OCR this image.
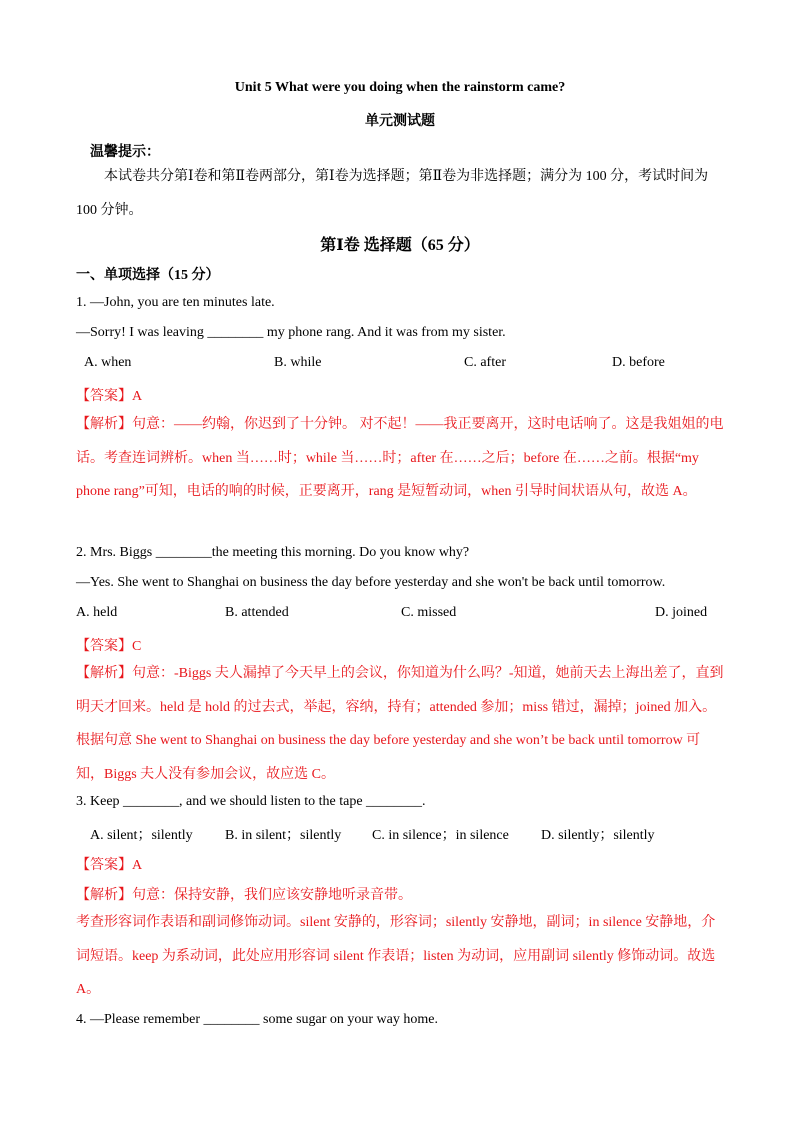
Unit 5 What were you doing when the rainstorm came?
单元测试题
温馨提示：
本试卷共分第Ⅰ卷和第Ⅱ卷两部分，第Ⅰ卷为选择题；第Ⅱ卷为非选择题；满分为 100 分，考试时间为 100 分钟。
第Ⅰ卷 选择题（65 分）
一、单项选择（15 分）
1. —John, you are ten minutes late.
—Sorry! I was leaving ________ my phone rang. And it was from my sister.
A. when	B. while	C. after	D. before
【答案】A
【解析】句意：——约翰，你迟到了十分钟。 对不起！——我正要离开，这时电话响了。这是我姐姐的电话。考查连词辨析。when 当……时；while 当……时；after 在……之后；before 在……之前。根据“my phone rang”可知，电话的响的时候，正要离开，rang 是短暂动词，when 引导时间状语从句，故选 A。
2. Mrs. Biggs ________the meeting this morning. Do you know why?
—Yes. She went to Shanghai on business the day before yesterday and she won't be back until tomorrow.
A. held	B. attended	C. missed	D. joined
【答案】C
【解析】句意：-Biggs 夫人漏掉了今天早上的会议，你知道为什么吗？-知道，她前天去上海出差了，直到明天才回来。held 是 hold 的过去式，举起，容纳，持有；attended 参加；miss 错过，漏掉；joined 加入。根据句意 She went to Shanghai on business the day before yesterday and she won’t be back until tomorrow 可知，Biggs 夫人没有参加会议，故应选 C。
3. Keep ________, and we should listen to the tape ________.
A. silent；silently B. in silent；silently C. in silence；in silence D. silently；silently
【答案】A
【解析】句意：保持安静，我们应该安静地听录音带。
考查形容词作表语和副词修饰动词。silent 安静的，形容词；silently 安静地，副词；in silence 安静地，介词短语。keep 为系动词，此处应用形容词 silent 作表语；listen 为动词，应用副词 silently 修饰动词。故选 A。
4. —Please remember ________ some sugar on your way home.
